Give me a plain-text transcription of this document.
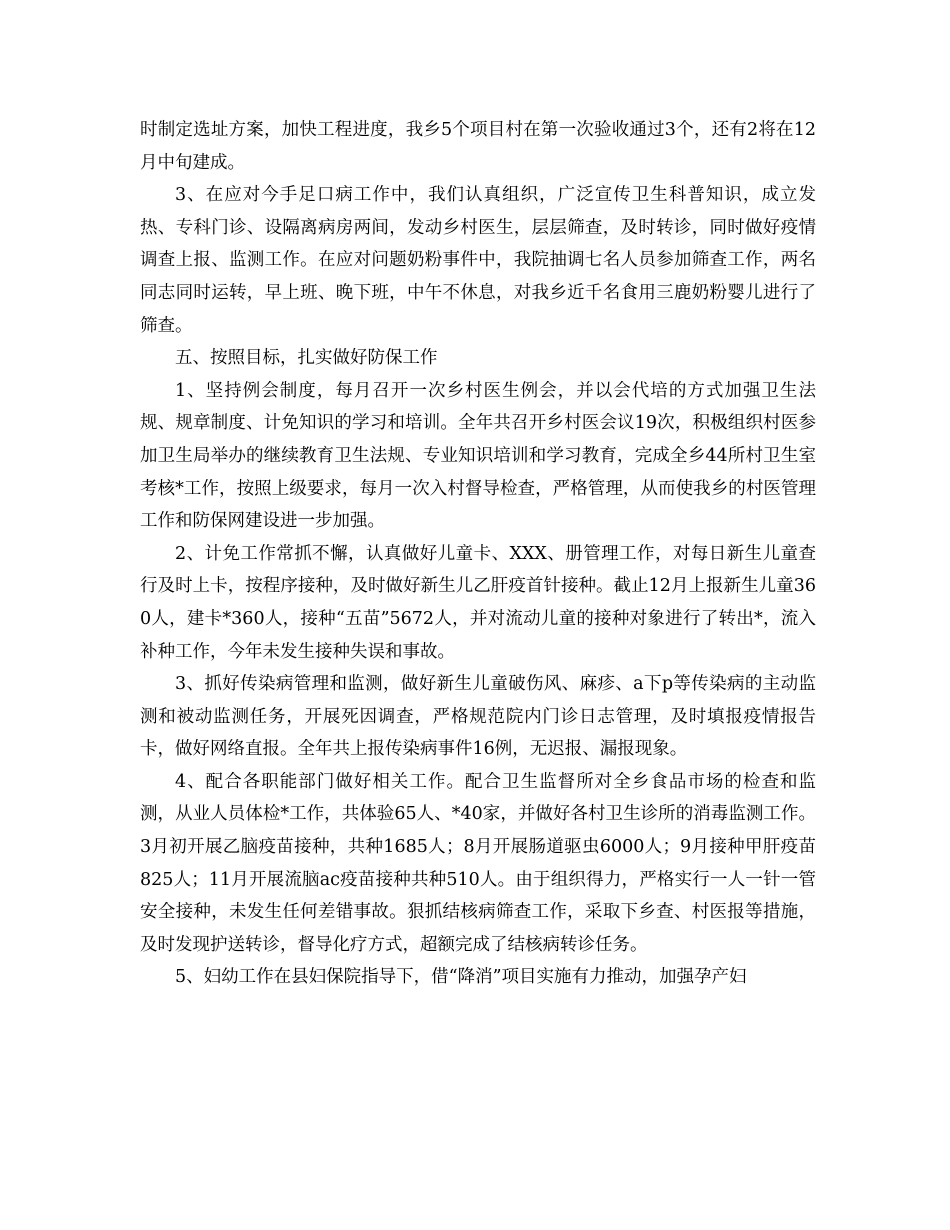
时制定选址方案，加快工程进度，我乡5个项目村在第一次验收通过3个，还有2将在12月中旬建成。

3、在应对今手足口病工作中，我们认真组织，广泛宣传卫生科普知识，成立发热、专科门诊、设隔离病房两间，发动乡村医生，层层筛查，及时转诊，同时做好疫情调查上报、监测工作。在应对问题奶粉事件中，我院抽调七名人员参加筛查工作，两名同志同时运转，早上班、晚下班，中午不休息，对我乡近千名食用三鹿奶粉婴儿进行了筛查。

五、按照目标，扎实做好防保工作

1、坚持例会制度，每月召开一次乡村医生例会，并以会代培的方式加强卫生法规、规章制度、计免知识的学习和培训。全年共召开乡村医会议19次，积极组织村医参加卫生局举办的继续教育卫生法规、专业知识培训和学习教育，完成全乡44所村卫生室考核*工作，按照上级要求，每月一次入村督导检查，严格管理，从而使我乡的村医管理工作和防保网建设进一步加强。

2、计免工作常抓不懈，认真做好儿童卡、XXX、册管理工作，对每日新生儿童查行及时上卡，按程序接种，及时做好新生儿乙肝疫首针接种。截止12月上报新生儿童360人，建卡*360人，接种“五苗”5672人，并对流动儿童的接种对象进行了转出*，流入补种工作，今年未发生接种失误和事故。

3、抓好传染病管理和监测，做好新生儿童破伤风、麻疹、a下p等传染病的主动监测和被动监测任务，开展死因调查，严格规范院内门诊日志管理，及时填报疫情报告卡，做好网络直报。全年共上报传染病事件16例，无迟报、漏报现象。

4、配合各职能部门做好相关工作。配合卫生监督所对全乡食品市场的检查和监测，从业人员体检*工作，共体验65人、*40家，并做好各村卫生诊所的消毒监测工作。3月初开展乙脑疫苗接种，共种1685人；8月开展肠道驱虫6000人；9月接种甲肝疫苗825人；11月开展流脑ac疫苗接种共种510人。由于组织得力，严格实行一人一针一管安全接种，未发生任何差错事故。狠抓结核病筛查工作，采取下乡查、村医报等措施，及时发现护送转诊，督导化疗方式，超额完成了结核病转诊任务。

5、妇幼工作在县妇保院指导下，借“降消”项目实施有力推动，加强孕产妇
